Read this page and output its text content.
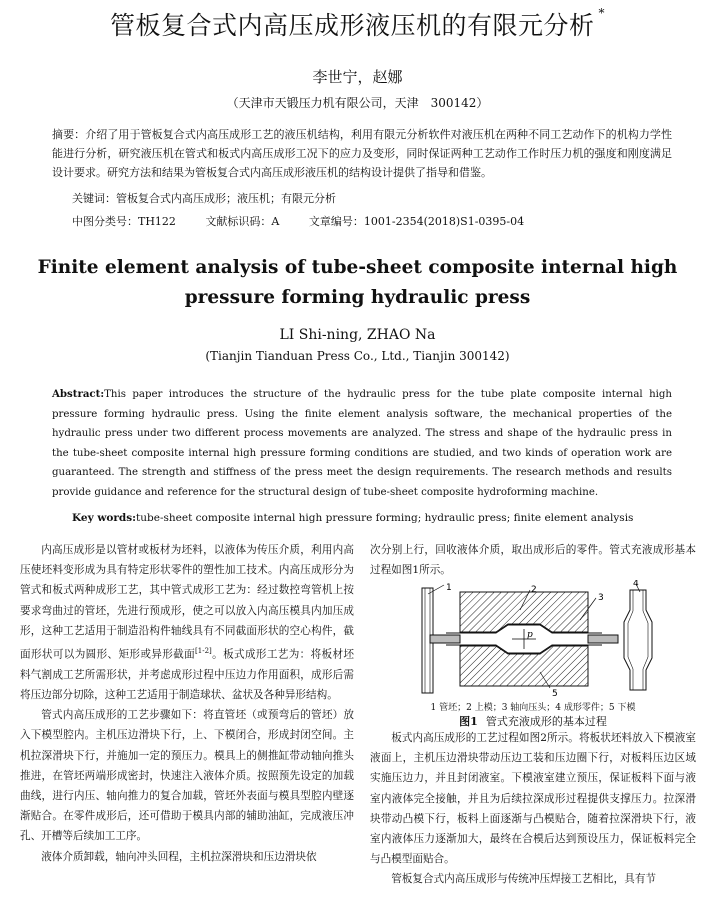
管板复合式内高压成形液压机的有限元分析 *
李世宁，赵娜
（天津市天锻压力机有限公司，天津　300142）
摘要：介绍了用于管板复合式内高压成形工艺的液压机结构，利用有限元分析软件对液压机在两种不同工艺动作下的机构力学性能进行分析，研究液压机在管式和板式内高压成形工况下的应力及变形，同时保证两种工艺动作工作时压力机的强度和刚度满足设计要求。研究方法和结果为管板复合式内高压成形液压机的结构设计提供了指导和借鉴。
关键词：管板复合式内高压成形；液压机；有限元分析
中图分类号：TH122	文献标识码：A	文章编号：1001-2354(2018)S1-0395-04
Finite element analysis of tube-sheet composite internal high pressure forming hydraulic press
LI Shi-ning, ZHAO Na
(Tianjin Tianduan Press Co., Ltd., Tianjin 300142)
Abstract:This paper introduces the structure of the hydraulic press for the tube plate composite internal high pressure forming hydraulic press. Using the finite element analysis software, the mechanical properties of the hydraulic press under two different process movements are analyzed. The stress and shape of the hydraulic press in the tube-sheet composite internal high pressure forming conditions are studied, and two kinds of operation work are guaranteed. The strength and stiffness of the press meet the design requirements. The research methods and results provide guidance and reference for the structural design of tube-sheet composite hydroforming machine.
Key words:tube-sheet composite internal high pressure forming; hydraulic press; finite element analysis

内高压成形是以管材或板材为坯料，以液体为传压介质，利用内高压使坯料变形成为具有特定形状零件的塑性加工技术。内高压成形分为管式和板式两种成形工艺，其中管式成形工艺为：经过数控弯管机上按要求弯曲过的管坯，先进行预成形，使之可以放入内高压模具内加压成形，这种工艺适用于制造沿构件轴线具有不同截面形状的空心构件，截面形状可以为圆形、矩形或异形截面[1-2]。板式成形工艺为：将板材坯料气割成工艺所需形状，并考虑成形过程中压边力作用面积，成形后需将压边部分切除，这种工艺适用于制造球状、盆状及各种异形结构。

管式内高压成形的工艺步骤如下：将直管坯（或预弯后的管坯）放入下模型腔内。主机压边滑块下行，上、下模闭合，形成封闭空间。主机拉深滑块下行，并施加一定的预压力。模具上的侧推缸带动轴向推头推进，在管坯两端形成密封，快速注入液体介质。按照预先设定的加载曲线，进行内压、轴向推力的复合加载，管坯外表面与模具型腔内壁逐渐贴合。在零件成形后，还可借助于模具内部的辅助油缸，完成液压冲孔、开槽等后续加工工序。

液体介质卸载，轴向冲头回程，主机拉深滑块和压边滑块依

次分别上行，回收液体介质，取出成形后的零件。管式充液成形基本过程如图1所示。

p
1	2
3
4
5
1 管坯；2 上模；3 轴向压头；4 成形零件；5 下模
图1 管式充液成形的基本过程

板式内高压成形的工艺过程如图2所示。将板状坯料放入下模液室液面上，主机压边滑块带动压边工装和压边圈下行，对板料压边区域实施压边力，并且封闭液室。下模液室建立预压，保证板料下面与液室内液体完全接触，并且为后续拉深成形过程提供支撑压力。拉深滑块带动凸模下行，板料上面逐渐与凸模贴合，随着拉深滑块下行，液室内液体压力逐渐加大，最终在合模后达到预设压力，保证板料完全与凸模型面贴合。

管板复合式内高压成形与传统冲压焊接工艺相比，具有节
